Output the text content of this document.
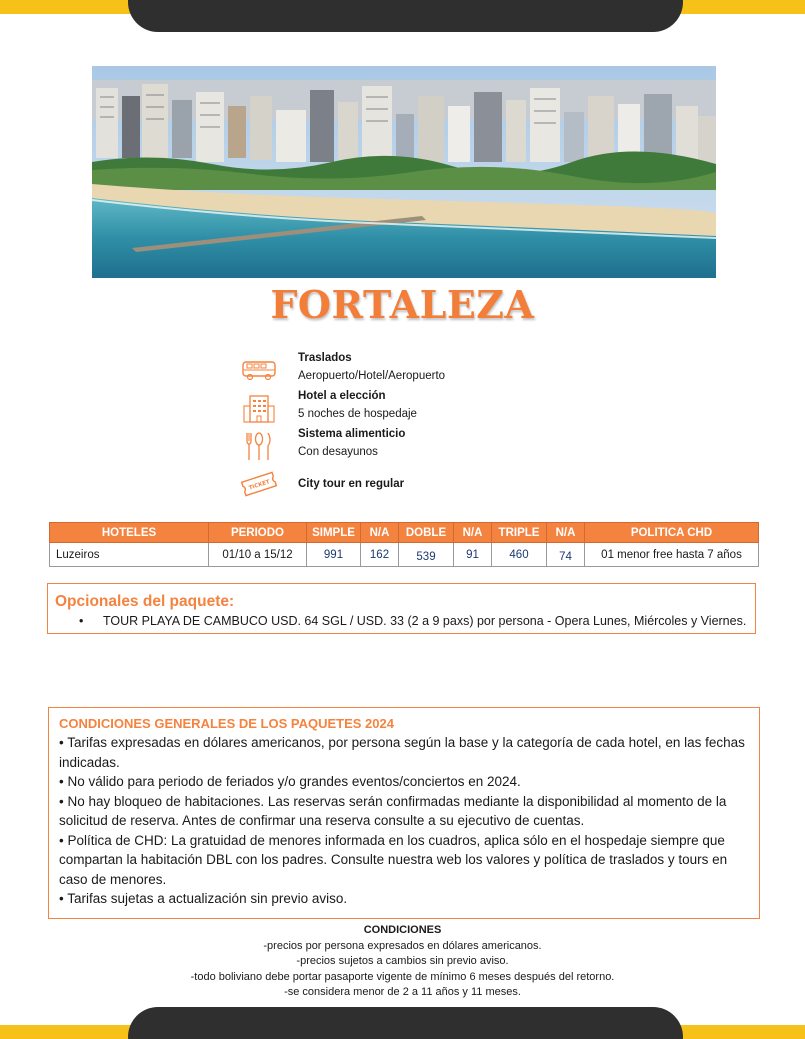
FORTALEZA
Traslados
Aeropuerto/Hotel/Aeropuerto
Hotel a elección
5 noches de hospedaje
Sistema alimenticio
Con desayunos
TICKET City tour en regular
HOTELES	PERIODO	SIMPLE	N/A	DOBLE	N/A	TRIPLE	N/A	POLITICA CHD
Luzeiros	01/10 a 15/12	991	162	539	91	460	74	01 menor free hasta 7 años
Opcionales del paquete:
• TOUR PLAYA DE CAMBUCO USD. 64 SGL / USD. 33 (2 a 9 paxs) por persona - Opera Lunes, Miércoles y Viernes.
CONDICIONES GENERALES DE LOS PAQUETES 2024

• Tarifas expresadas en dólares americanos, por persona según la base y la categoría de cada hotel, en las fechas indicadas.

• No válido para periodo de feriados y/o grandes eventos/conciertos en 2024.

• No hay bloqueo de habitaciones. Las reservas serán confirmadas mediante la disponibilidad al momento de la solicitud de reserva. Antes de confirmar una reserva consulte a su ejecutivo de cuentas.

• Política de CHD: La gratuidad de menores informada en los cuadros, aplica sólo en el hospedaje siempre que compartan la habitación DBL con los padres. Consulte nuestra web los valores y política de traslados y tours en caso de menores.

• Tarifas sujetas a actualización sin previo aviso.

CONDICIONES
-precios por persona expresados en dólares americanos.
-precios sujetos a cambios sin previo aviso.
-todo boliviano debe portar pasaporte vigente de mínimo 6 meses después del retorno.
-se considera menor de 2 a 11 años y 11 meses.
